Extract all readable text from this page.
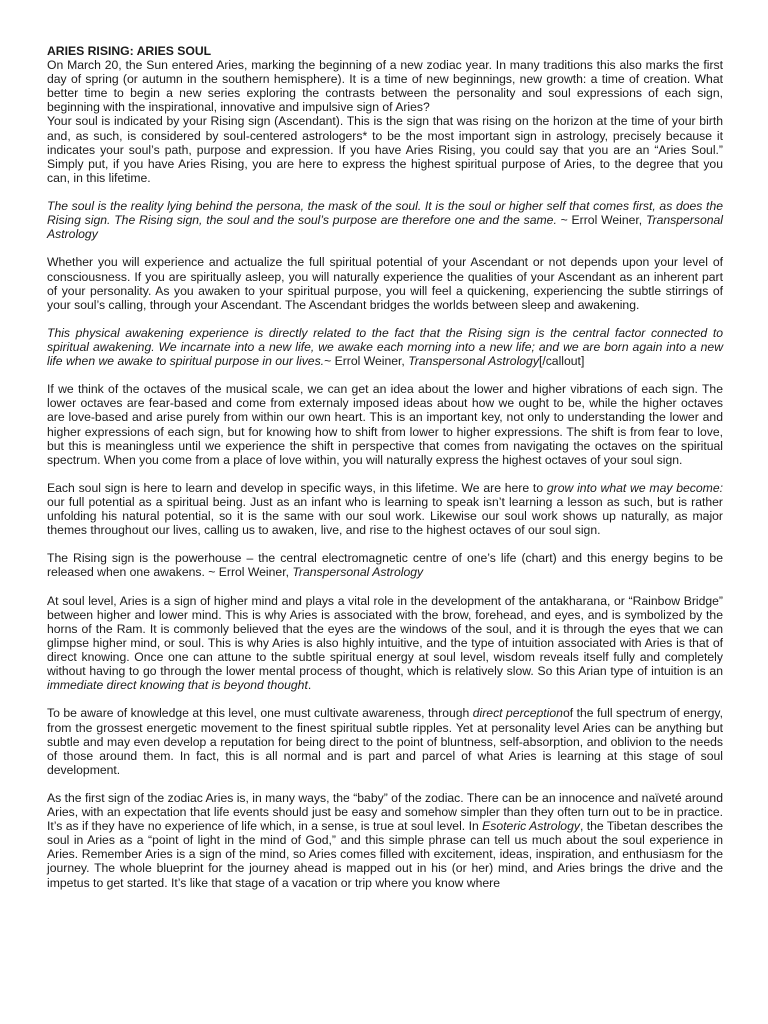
ARIES RISING: ARIES SOUL

On March 20, the Sun entered Aries, marking the beginning of a new zodiac year. In many traditions this also marks the first day of spring (or autumn in the southern hemisphere). It is a time of new beginnings, new growth: a time of creation. What better time to begin a new series exploring the contrasts between the personality and soul expressions of each sign, beginning with the inspirational, innovative and impulsive sign of Aries?

Your soul is indicated by your Rising sign (Ascendant). This is the sign that was rising on the horizon at the time of your birth and, as such, is considered by soul-centered astrologers* to be the most important sign in astrology, precisely because it indicates your soul’s path, purpose and expression. If you have Aries Rising, you could say that you are an “Aries Soul.” Simply put, if you have Aries Rising, you are here to express the highest spiritual purpose of Aries, to the degree that you can, in this lifetime.

The soul is the reality lying behind the persona, the mask of the soul. It is the soul or higher self that comes first, as does the Rising sign. The Rising sign, the soul and the soul’s purpose are therefore one and the same. ~ Errol Weiner, Transpersonal Astrology

Whether you will experience and actualize the full spiritual potential of your Ascendant or not depends upon your level of consciousness. If you are spiritually asleep, you will naturally experience the qualities of your Ascendant as an inherent part of your personality. As you awaken to your spiritual purpose, you will feel a quickening, experiencing the subtle stirrings of your soul’s calling, through your Ascendant. The Ascendant bridges the worlds between sleep and awakening.

This physical awakening experience is directly related to the fact that the Rising sign is the central factor connected to spiritual awakening. We incarnate into a new life, we awake each morning into a new life; and we are born again into a new life when we awake to spiritual purpose in our lives.~ Errol Weiner, Transpersonal Astrology[/callout]

If we think of the octaves of the musical scale, we can get an idea about the lower and higher vibrations of each sign. The lower octaves are fear-based and come from externaly imposed ideas about how we ought to be, while the higher octaves are love-based and arise purely from within our own heart. This is an important key, not only to understanding the lower and higher expressions of each sign, but for knowing how to shift from lower to higher expressions. The shift is from fear to love, but this is meaningless until we experience the shift in perspective that comes from navigating the octaves on the spiritual spectrum. When you come from a place of love within, you will naturally express the highest octaves of your soul sign.

Each soul sign is here to learn and develop in specific ways, in this lifetime. We are here to grow into what we may become: our full potential as a spiritual being. Just as an infant who is learning to speak isn’t learning a lesson as such, but is rather unfolding his natural potential, so it is the same with our soul work. Likewise our soul work shows up naturally, as major themes throughout our lives, calling us to awaken, live, and rise to the highest octaves of our soul sign.

The Rising sign is the powerhouse – the central electromagnetic centre of one’s life (chart) and this energy begins to be released when one awakens. ~ Errol Weiner, Transpersonal Astrology

At soul level, Aries is a sign of higher mind and plays a vital role in the development of the antakharana, or “Rainbow Bridge” between higher and lower mind. This is why Aries is associated with the brow, forehead, and eyes, and is symbolized by the horns of the Ram. It is commonly believed that the eyes are the windows of the soul, and it is through the eyes that we can glimpse higher mind, or soul. This is why Aries is also highly intuitive, and the type of intuition associated with Aries is that of direct knowing. Once one can attune to the subtle spiritual energy at soul level, wisdom reveals itself fully and completely without having to go through the lower mental process of thought, which is relatively slow. So this Arian type of intuition is an immediate direct knowing that is beyond thought.

To be aware of knowledge at this level, one must cultivate awareness, through direct perceptionof the full spectrum of energy, from the grossest energetic movement to the finest spiritual subtle ripples. Yet at personality level Aries can be anything but subtle and may even develop a reputation for being direct to the point of bluntness, self-absorption, and oblivion to the needs of those around them. In fact, this is all normal and is part and parcel of what Aries is learning at this stage of soul development.

As the first sign of the zodiac Aries is, in many ways, the “baby” of the zodiac. There can be an innocence and naïveté around Aries, with an expectation that life events should just be easy and somehow simpler than they often turn out to be in practice. It’s as if they have no experience of life which, in a sense, is true at soul level. In Esoteric Astrology, the Tibetan describes the soul in Aries as a “point of light in the mind of God,” and this simple phrase can tell us much about the soul experience in Aries. Remember Aries is a sign of the mind, so Aries comes filled with excitement, ideas, inspiration, and enthusiasm for the journey. The whole blueprint for the journey ahead is mapped out in his (or her) mind, and Aries brings the drive and the impetus to get started. It’s like that stage of a vacation or trip where you know where
